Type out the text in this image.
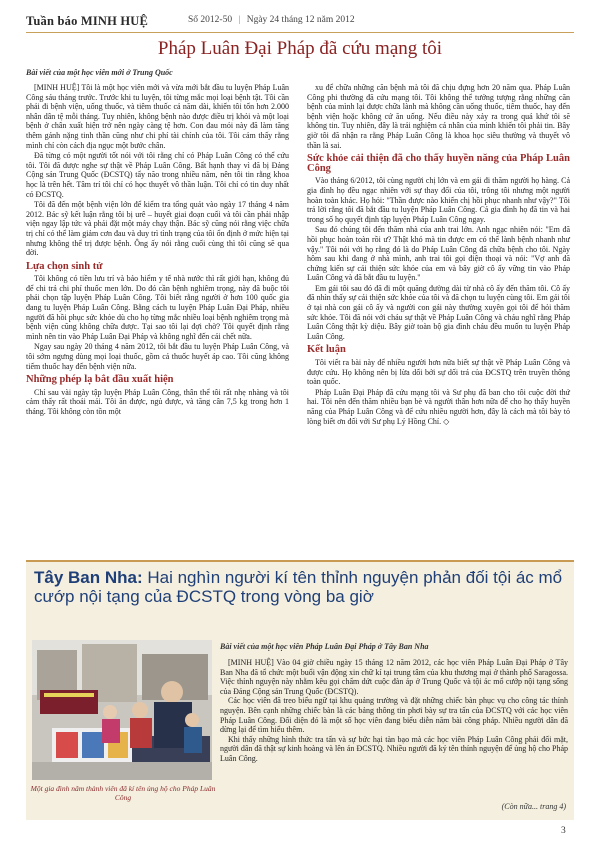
Tuần báo MINH HUỆ	Số 2012-50 | Ngày 24 tháng 12 năm 2012
Pháp Luân Đại Pháp đã cứu mạng tôi
Bài viết của một học viên mới ở Trung Quốc

[MINH HUỆ] Tôi là một học viên mới và vừa mới bắt đầu tu luyện Pháp Luân Công sáu tháng trước. Trước khi tu luyện, tôi từng mắc mọi loại bệnh tật. Tôi cần phải đi bệnh viện, uống thuốc, và tiêm thuốc cả năm dài, khiến tôi tốn hơn 2.000 nhân dân tệ mỗi tháng. Tuy nhiên, không bệnh nào được điều trị khỏi và một loại bệnh ở chân xuất hiện trở nên ngày càng tệ hơn. Con đau mỏi này đã làm tăng thêm gánh nặng tinh thần cũng như chi phí tài chính của tôi. Tôi cảm thấy rằng mình chỉ còn cách địa ngục một bước chân.

Đã từng có một người tốt nói với tôi rằng chỉ có Pháp Luân Công có thể cứu tôi. Tôi đã được nghe sự thật về Pháp Luân Công. Bất hạnh thay vì đã bị Đảng Cộng sản Trung Quốc (ĐCSTQ) tẩy não trong nhiều năm, nên tôi tin rằng khoa học là trên hết. Tâm trí tôi chỉ có học thuyết vô thần luận. Tôi chỉ có tin duy nhất có ĐCSTQ.

Tôi đã đến một bệnh viện lớn để kiểm tra tổng quát vào ngày 17 tháng 4 năm 2012. Bác sỹ kết luận rằng tôi bị urê – huyết giai đoạn cuối và tôi cần phải nhập viện ngay lập tức và phải đặt một máy chạy thận. Bác sỹ cũng nói rằng việc chữa trị chỉ có thể làm giảm cơn đau và duy trì tình trạng của tôi ổn định ở mức hiện tại nhưng không thể trị được bệnh. Ông ấy nói rằng cuối cùng thì tôi cũng sẽ qua đời.

Lựa chọn sinh tử

Tôi không có tiền lưu trí và bảo hiểm y tế nhà nước thì rất giới hạn, không đủ để chi trả chi phí thuốc men lớn. Do đó cần bệnh nghiêm trọng, này đã buộc tôi phải chọn tập luyện Pháp Luân Công. Tôi biết rằng người ở hơn 100 quốc gia đang tu luyện Pháp Luân Công. Bằng cách tu luyện Pháp Luân Đại Pháp, nhiều người đã hồi phục sức khỏe dù cho họ từng mắc nhiều loại bệnh nghiêm trọng mà bệnh viện cũng không chữa được. Tại sao tôi lại đợi chờ? Tôi quyết định rằng mình nên tin vào Pháp Luân Đại Pháp và không nghĩ đến cái chết nữa.

Ngay sau ngày 20 tháng 4 năm 2012, tôi bắt đầu tu luyện Pháp Luân Công, và tôi sớm ngưng dùng mọi loại thuốc, gồm cả thuốc huyết áp cao. Tôi cũng không tiếm thuốc hay đến bệnh viện nữa.

Những phép lạ bắt đầu xuất hiện

Chỉ sau vài ngày tập luyện Pháp Luân Công, thân thể tôi rất nhẹ nhàng và tôi cảm thấy rất thoải mái. Tôi ăn được, ngủ được, và tăng cân 7,5 kg trong hơn 1 tháng. Tôi không còn tồn một

xu để chữa những căn bệnh mà tôi đã chịu đựng hơn 20 năm qua. Pháp Luân Công phi thường đã cứu mạng tôi. Tôi không thể tưởng tượng rằng những căn bệnh của mình lại được chữa lành mà không cần uống thuốc, tiêm thuốc, hay đến bệnh viện hoặc không cứ ăn uống. Nếu điều này xảy ra trong quá khứ tôi sẽ không tin. Tuy nhiên, đây là trải nghiệm cá nhân của mình khiến tôi phải tin. Bây giờ tôi đã nhận ra rằng Pháp Luân Công là khoa học siêu thường và thuyết vô thần là sai.

Sức khỏe cải thiện đã cho thấy huyền năng của Pháp Luân Công

Vào tháng 6/2012, tôi cùng người chị lớn và em gái đi thăm người họ hàng. Cả gia đình họ đều ngạc nhiên với sự thay đổi của tôi, trông tôi nhưng một người hoàn toàn khác. Họ hỏi: "Thần được nào khiến chị hồi phục nhanh như vậy?" Tôi trả lời rằng tôi đã bắt đầu tu luyện Pháp Luân Công. Cả gia đình họ đã tin và hai trong số họ quyết định tập luyện Pháp Luân Công ngay.

Sau đó chúng tôi đến thăm nhà của anh trai lớn. Anh ngạc nhiên nói: "Em đã hồi phục hoàn toàn rồi ư? Thật khó mà tin được em có thể lành bệnh nhanh như vậy." Tôi nói với họ rằng đó là do Pháp Luân Công đã chữa bệnh cho tôi. Ngày hôm sau khi đang ở nhà mình, anh trai tôi gọi điện thoại và nói: "Vợ anh đã chứng kiến sự cải thiện sức khỏe của em và bây giờ cô ấy vững tin vào Pháp Luân Công và đã bắt đầu tu luyện."

Em gái tôi sau đó đã đi một quãng đường dài từ nhà cô ấy đến thăm tôi. Cô ấy đã nhìn thấy sự cải thiện sức khỏe của tôi và đã chọn tu luyện cùng tôi. Em gái tôi ở tại nhà con gái cô ấy và người con gái này thường xuyên gọi tôi để hỏi thăm sức khỏe. Tôi đã nói với cháu sự thật về Pháp Luân Công và cháu nghĩ rằng Pháp Luân Công thật kỳ diệu. Bây giờ toàn bộ gia đình cháu đều muốn tu luyện Pháp Luân Công.

Kết luận

Tôi viết ra bài này để nhiều người hơn nữa biết sự thật về Pháp Luân Công và được cứu. Họ không nên bị lừa dối bởi sự dối trá của ĐCSTQ trên truyền thông toàn quốc.

Pháp Luân Đại Pháp đã cứu mạng tôi và Sư phụ đã ban cho tôi cuộc đời thứ hai. Tôi nên đến thăm nhiều bạn bè và người thân hơn nữa để cho họ thấy huyền năng của Pháp Luân Công và để cứu nhiều người hơn, đây là cách mà tôi bày tỏ lòng biết ơn đối với Sư phụ Lý Hồng Chí. ◇

Tây Ban Nha: Hai nghìn người kí tên thỉnh nguyện phản đối tội ác mổ cướp nội tạng của ĐCSTQ trong vòng ba giờ
Một gia đình nâm thành viên đã kí tên ủng hộ cho Pháp Luân Công
Bài viết của một học viên Pháp Luân Đại Pháp ở Tây Ban Nha

[MINH HUỆ] Vào 04 giờ chiều ngày 15 tháng 12 năm 2012, các học viên Pháp Luân Đại Pháp ở Tây Ban Nha đã tổ chức một buổi vận động xin chữ kí tại trung tâm của khu thương mại ở thành phố Saragossa. Việc thỉnh nguyện này nhằm kêu gọi chấm dứt cuộc đàn áp ở Trung Quốc và tội ác mổ cướp nội tạng sống của Đảng Cộng sản Trung Quốc (ĐCSTQ).

Các học viên đã treo biểu ngữ tại khu quảng trường và đặt những chiếc bàn phục vụ cho công tác thỉnh nguyện. Bên cạnh những chiếc bàn là các bảng thông tin phơi bày sự tra tấn của ĐCSTQ với các học viên Pháp Luân Công. Đối diện đó là một số học viên đang biểu diễn năm bài công pháp. Nhiều người dân đã dừng lại để tìm hiểu thêm.

Khi thấy những hình thức tra tấn và sự bức hại tàn bạo mà các học viên Pháp Luân Công phải đối mặt, người dân đã thật sự kinh hoàng và lên án ĐCSTQ. Nhiều người đã ký tên thỉnh nguyện để ủng hộ cho Pháp Luân Công.

(Còn nữa... trang 4)
3
